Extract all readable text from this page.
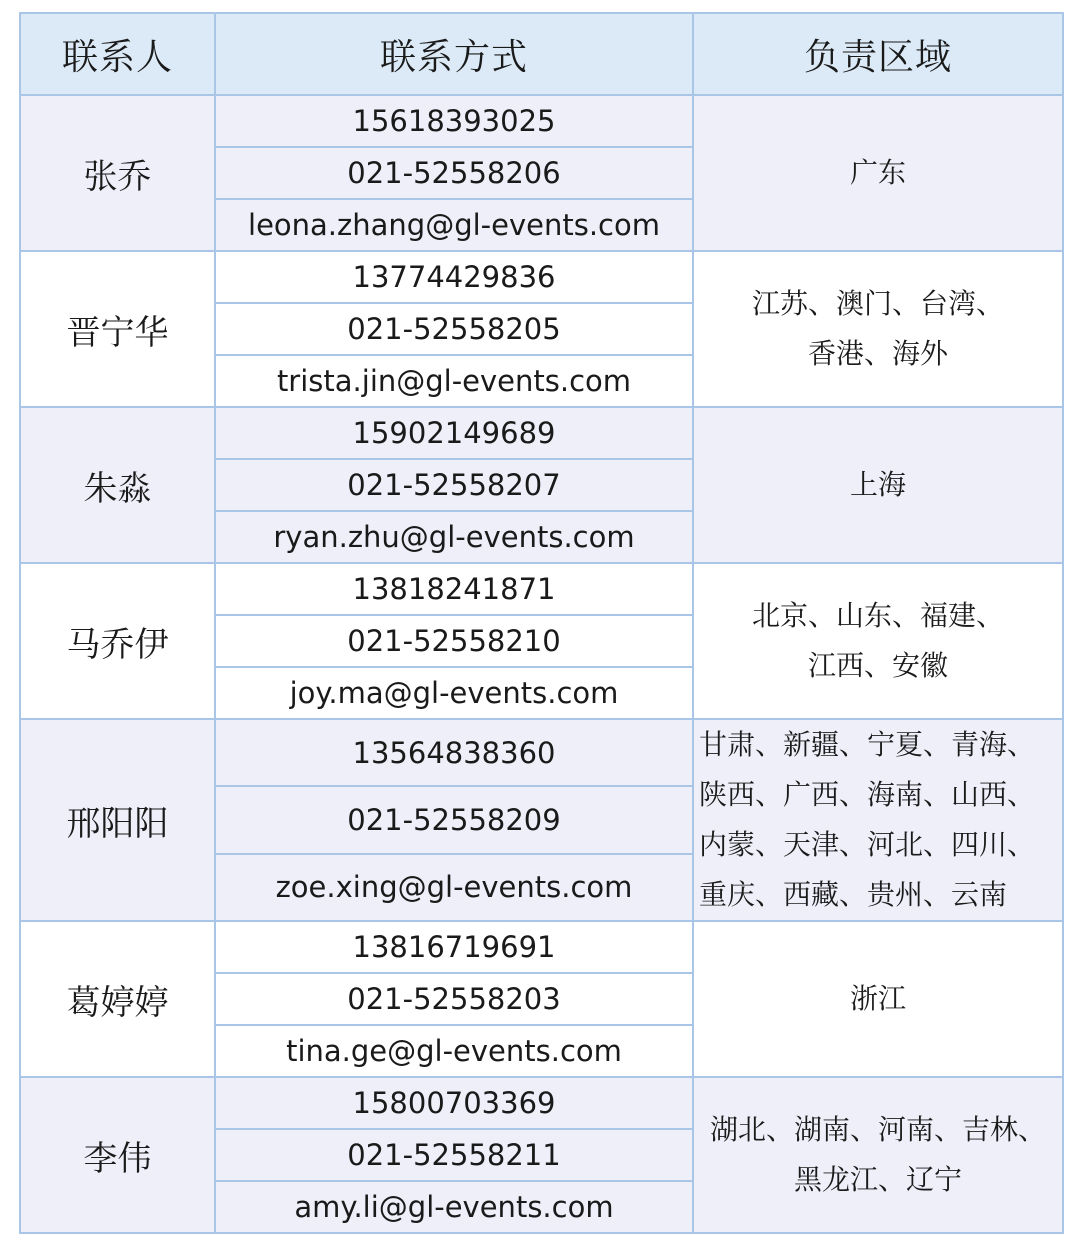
联系人	联系方式	负责区域
张乔	15618393025	广东

	021-52558206	
	leona.zhang@gl-events.com	
晋宁华	13774429836	江苏、澳门、台湾、
香港、海外

	021-52558205	
	trista.jin@gl-events.com	
朱淼	15902149689	上海

	021-52558207	
	ryan.zhu@gl-events.com	
马乔伊	13818241871	北京、山东、福建、
江西、安徽

	021-52558210	
	joy.ma@gl-events.com	
邢阳阳	13564838360	甘肃、新疆、宁夏、青海、
陕西、广西、海南、山西、
内蒙、天津、河北、四川、
重庆、西藏、贵州、云南

	021-52558209	
	zoe.xing@gl-events.com	
葛婷婷	13816719691	浙江

	021-52558203	
	tina.ge@gl-events.com	
李伟	15800703369	湖北、湖南、河南、吉林、
黑龙江、辽宁

	021-52558211	
	amy.li@gl-events.com	
